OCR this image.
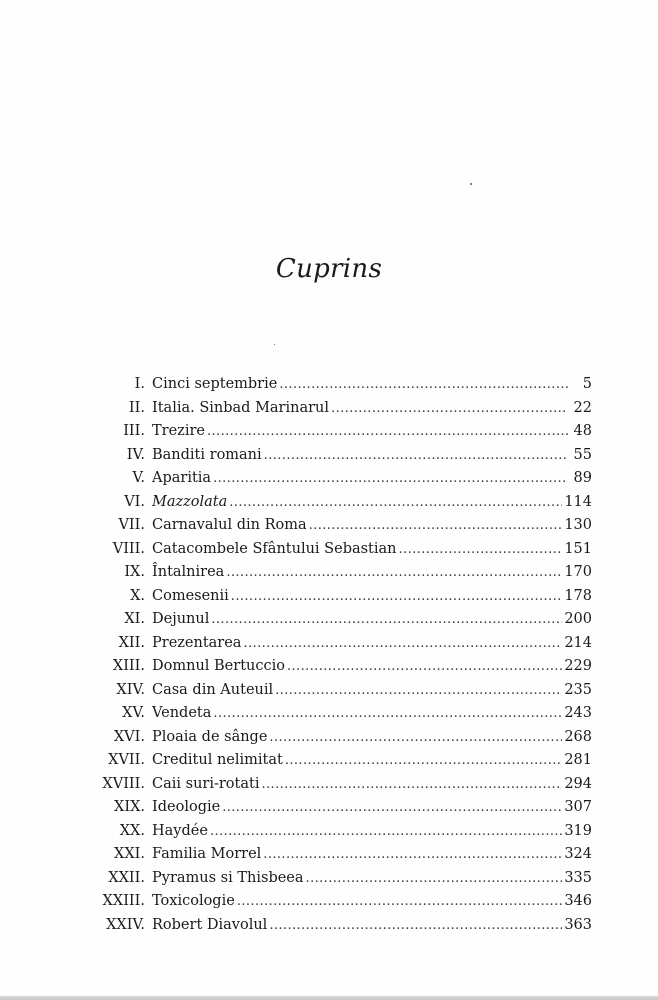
Cuprins
I. Cinci septembrie .....	5
II. Italia. Sinbad Marinarul .....	22
III. Trezire .....	48
IV. Banditi romani .....	55
V. Aparitia .....	89
VI. Mazzolata .....	114
VII. Carnavalul din Roma .....	130
VIII. Catacombele Sfântului Sebastian .....	151
IX. Întalnirea .....	170
X. Comesenii .....	178
XI. Dejunul .....	200
XII. Prezentarea .....	214
XIII. Domnul Bertuccio .....	229
XIV. Casa din Auteuil .....	235
XV. Vendeta .....	243
XVI. Ploaia de sânge .....	268
XVII. Creditul nelimitat .....	281
XVIII. Caii suri-rotati .....	294
XIX. Ideologie .....	307
XX. Haydée .....	319
XXI. Familia Morrel .....	324
XXII. Pyramus si Thisbeea .....	335
XXIII. Toxicologie .....	346
XXIV. Robert Diavolul .....	363
